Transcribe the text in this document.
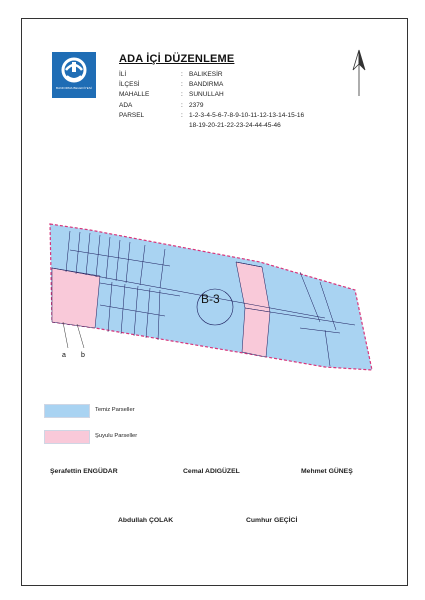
BANDIRMA BELEDİYESİ
ADA İÇİ DÜZENLEME
İLİ	: BALIKESİR
İLÇESİ	: BANDIRMA
MAHALLE	: SUNULLAH
ADA	: 2379
PARSEL	: 1-2-3-4-5-6-7-8-9-10-11-12-13-14-15-16
18-19-20-21-22-23-24-44-45-46
B-3
a b
Temiz Parseller
Şuyulu Parseller
Şerafettin ENGÜDAR	Cemal ADIGÜZEL	Mehmet GÜNEŞ
Abdullah ÇOLAK	Cumhur GEÇİCİ
